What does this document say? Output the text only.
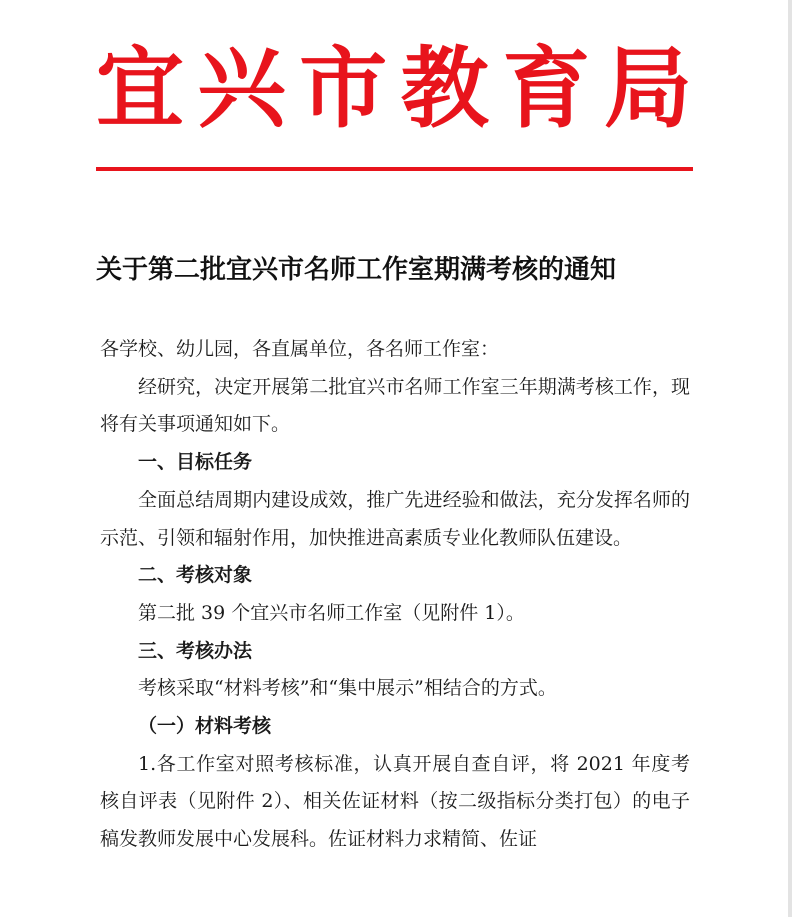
宜 兴 市 教 育 局
关于第二批宜兴市名师工作室期满考核的通知

各学校、幼儿园，各直属单位，各名师工作室：

经研究，决定开展第二批宜兴市名师工作室三年期满考核工作，现将有关事项通知如下。

一、目标任务

全面总结周期内建设成效，推广先进经验和做法，充分发挥名师的示范、引领和辐射作用，加快推进高素质专业化教师队伍建设。

二、考核对象

第二批 39 个宜兴市名师工作室（见附件 1）。

三、考核办法

考核采取“材料考核”和“集中展示”相结合的方式。

（一）材料考核

1.各工作室对照考核标准，认真开展自查自评，将 2021 年度考核自评表（见附件 2）、相关佐证材料（按二级指标分类打包）的电子稿发教师发展中心发展科。佐证材料力求精简、佐证
